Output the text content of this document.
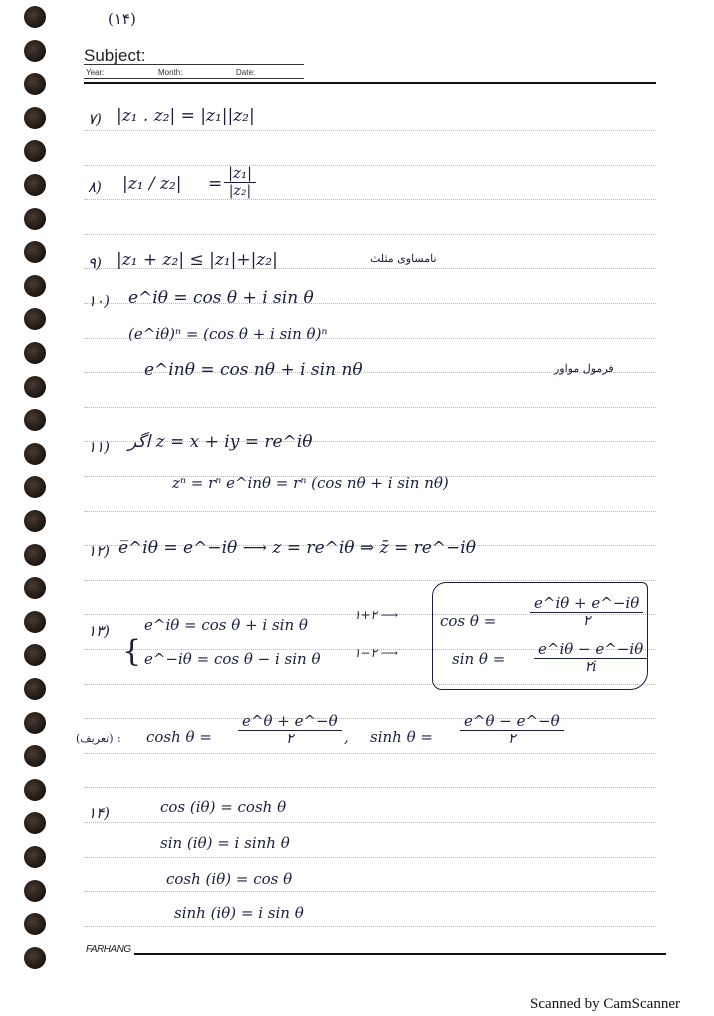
(۱۴)
Subject:
Year:	Month:	Date:
۷) |z₁ . z₂| = |z₁||z₂|
۸) $|z_1 / z_2| = \frac{\text{|z₁|}}{\text{|z₂|}}$
۹) |z₁ + z₂| ≤ |z₁|+|z₂|	نامساوی مثلث
۱۰) e^iθ = cos θ + i sin θ
(e^iθ)ⁿ = (cos θ + i sin θ)ⁿ
e^inθ = cos nθ + i sin nθ	فرمول مواور
۱۱) اگر z = x + iy = re^iθ
zⁿ = rⁿ e^inθ = rⁿ (cos nθ + i sin nθ)
۱۲) e̅^iθ = e^−iθ ⟶ z = re^iθ ⇒ z̄ = re^−iθ
۱۳)
{
e^iθ = cos θ + i sin θ
۱+۲ ⟶
e^−iθ = cos θ − i sin θ	۱−۲ ⟶
cos θ =
e^iθ + e^−iθ
۲
$\sin \theta = \frac{e\^{}i\theta - e\^{}-i\theta}{۲i}$
(تعریف) : cosh θ =
e^θ + e^−θ
۲	, sinh θ =
e^θ − e^−θ
۲
۱۴)	cos (iθ) = cosh θ
sin (iθ) = i sinh θ
cosh (iθ) = cos θ
sinh (iθ) = i sin θ
FARHANG
Scanned by CamScanner
